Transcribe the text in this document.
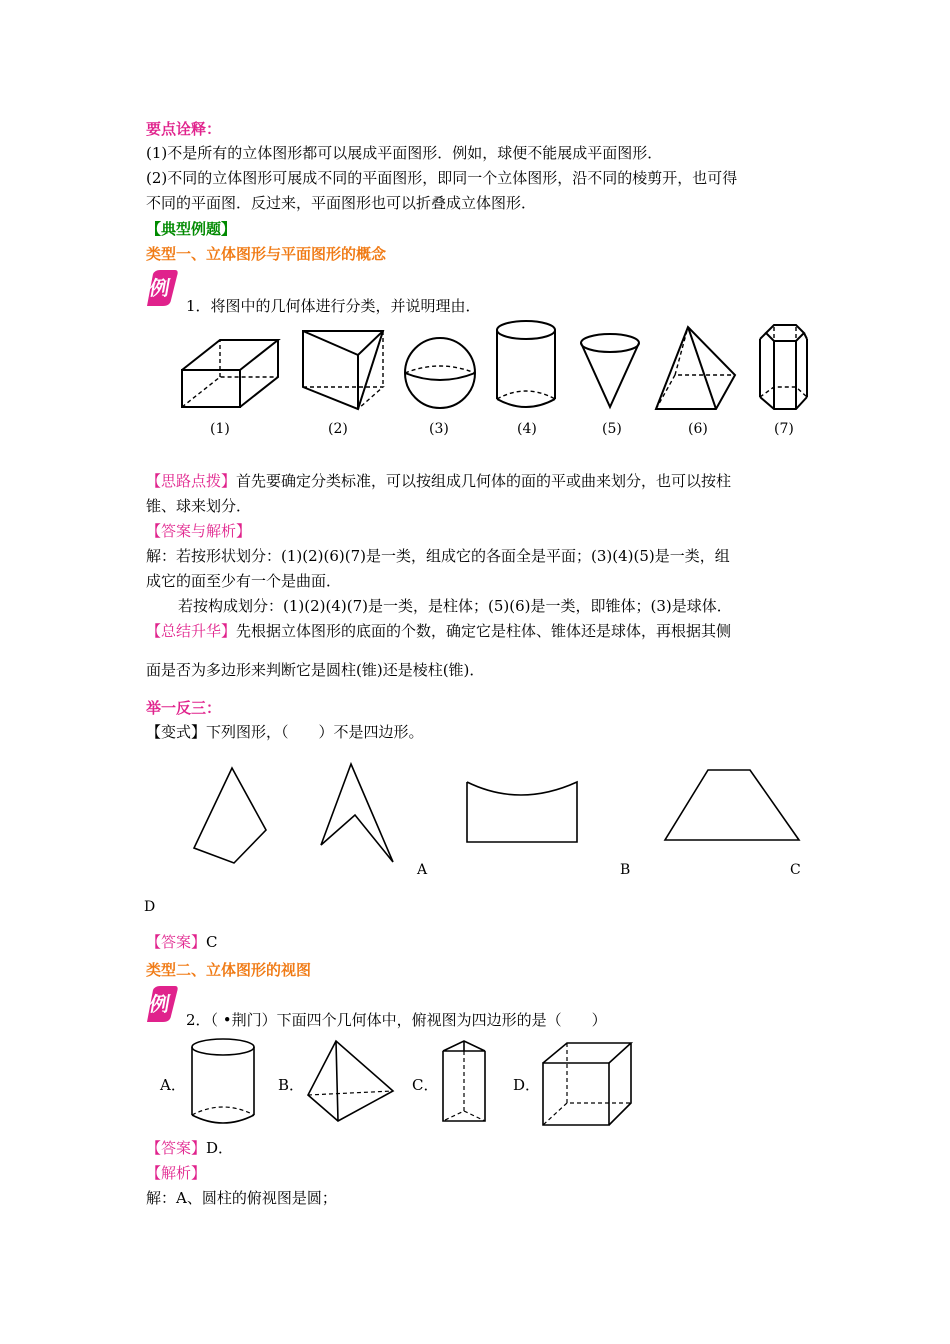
要点诠释：
(1)不是所有的立体图形都可以展成平面图形．例如，球便不能展成平面图形．
(2)不同的立体图形可展成不同的平面图形，即同一个立体图形，沿不同的棱剪开，也可得
不同的平面图．反过来，平面图形也可以折叠成立体图形．
【典型例题】
类型一、立体图形与平面图形的概念
例
1．将图中的几何体进行分类，并说明理由．
(1)	(2)	(3)	(4)	(5)	(6)	(7)
【思路点拨】首先要确定分类标准，可以按组成几何体的面的平或曲来划分，也可以按柱
锥、球来划分．
【答案与解析】
解：若按形状划分：(1)(2)(6)(7)是一类，组成它的各面全是平面；(3)(4)(5)是一类，组
成它的面至少有一个是曲面．
若按构成划分：(1)(2)(4)(7)是一类，是柱体；(5)(6)是一类，即锥体；(3)是球体．
【总结升华】先根据立体图形的底面的个数，确定它是柱体、锥体还是球体，再根据其侧
面是否为多边形来判断它是圆柱(锥)还是棱柱(锥)．
举一反三：
【变式】下列图形，（　　）不是四边形。
A	B	C
D
【答案】C
类型二、立体图形的视图
例
2．（ •荆门）下面四个几何体中，俯视图为四边形的是（　　）
A．	B．	C．	D．
【答案】D．
【解析】
解：A、圆柱的俯视图是圆；
